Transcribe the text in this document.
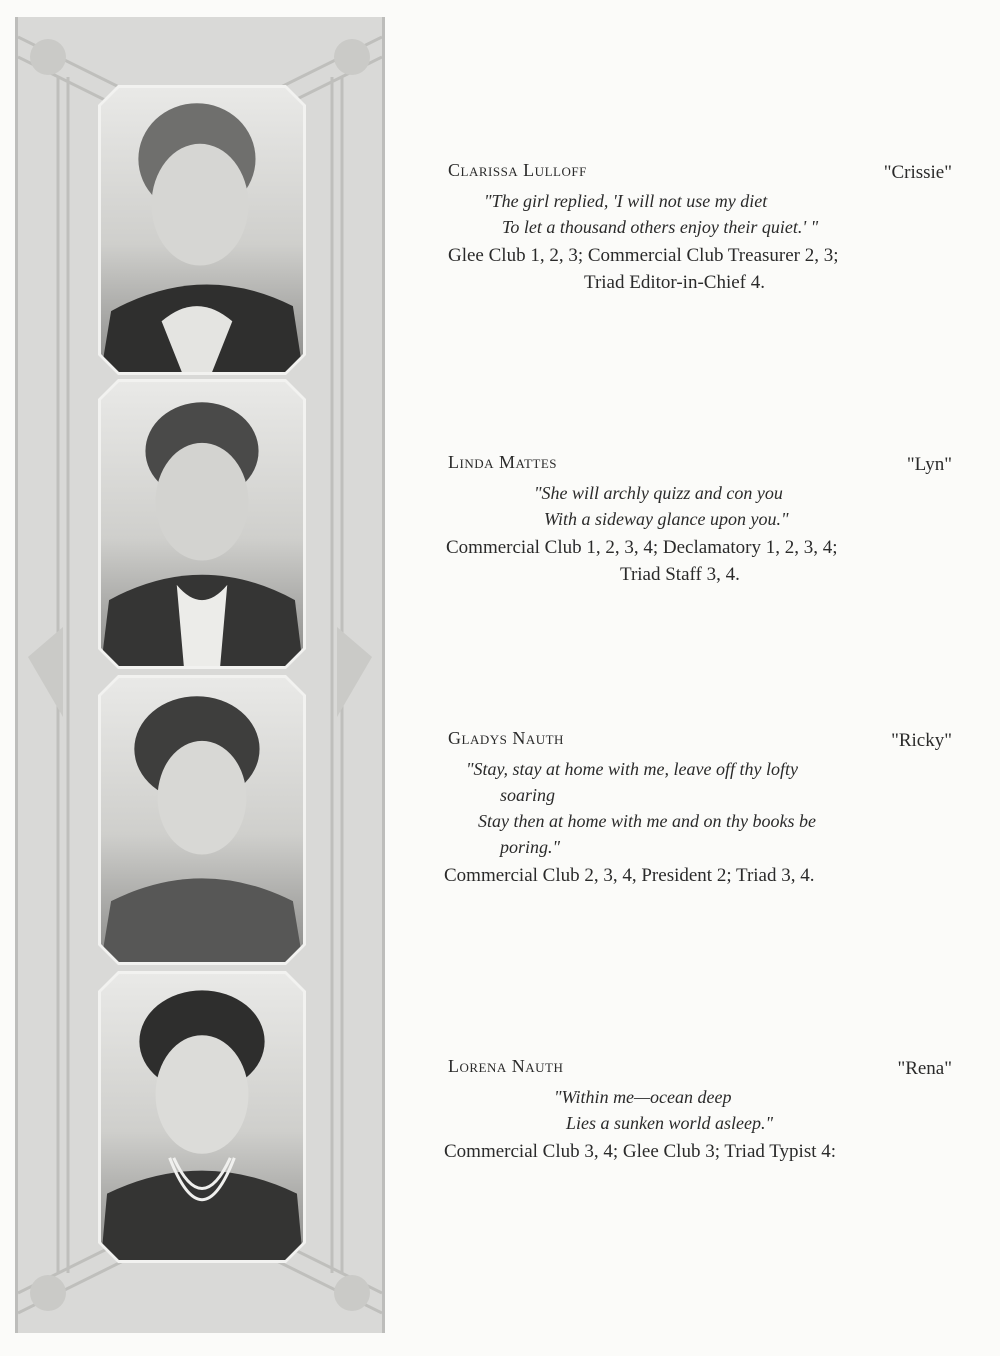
Clarissa Lulloff	"Crissie"
"The girl replied, 'I will not use my diet
To let a thousand others enjoy their quiet.' "
Glee Club 1, 2, 3; Commercial Club Treasurer 2, 3;
Triad Editor-in-Chief 4.
Linda Mattes	"Lyn"
"She will archly quizz and con you
With a sideway glance upon you."
Commercial Club 1, 2, 3, 4; Declamatory 1, 2, 3, 4;
Triad Staff 3, 4.
Gladys Nauth	"Ricky"
"Stay, stay at home with me, leave off thy lofty
soaring
Stay then at home with me and on thy books be
poring."
Commercial Club 2, 3, 4, President 2; Triad 3, 4.
Lorena Nauth	"Rena"
"Within me—ocean deep
Lies a sunken world asleep."
Commercial Club 3, 4; Glee Club 3; Triad Typist 4:
